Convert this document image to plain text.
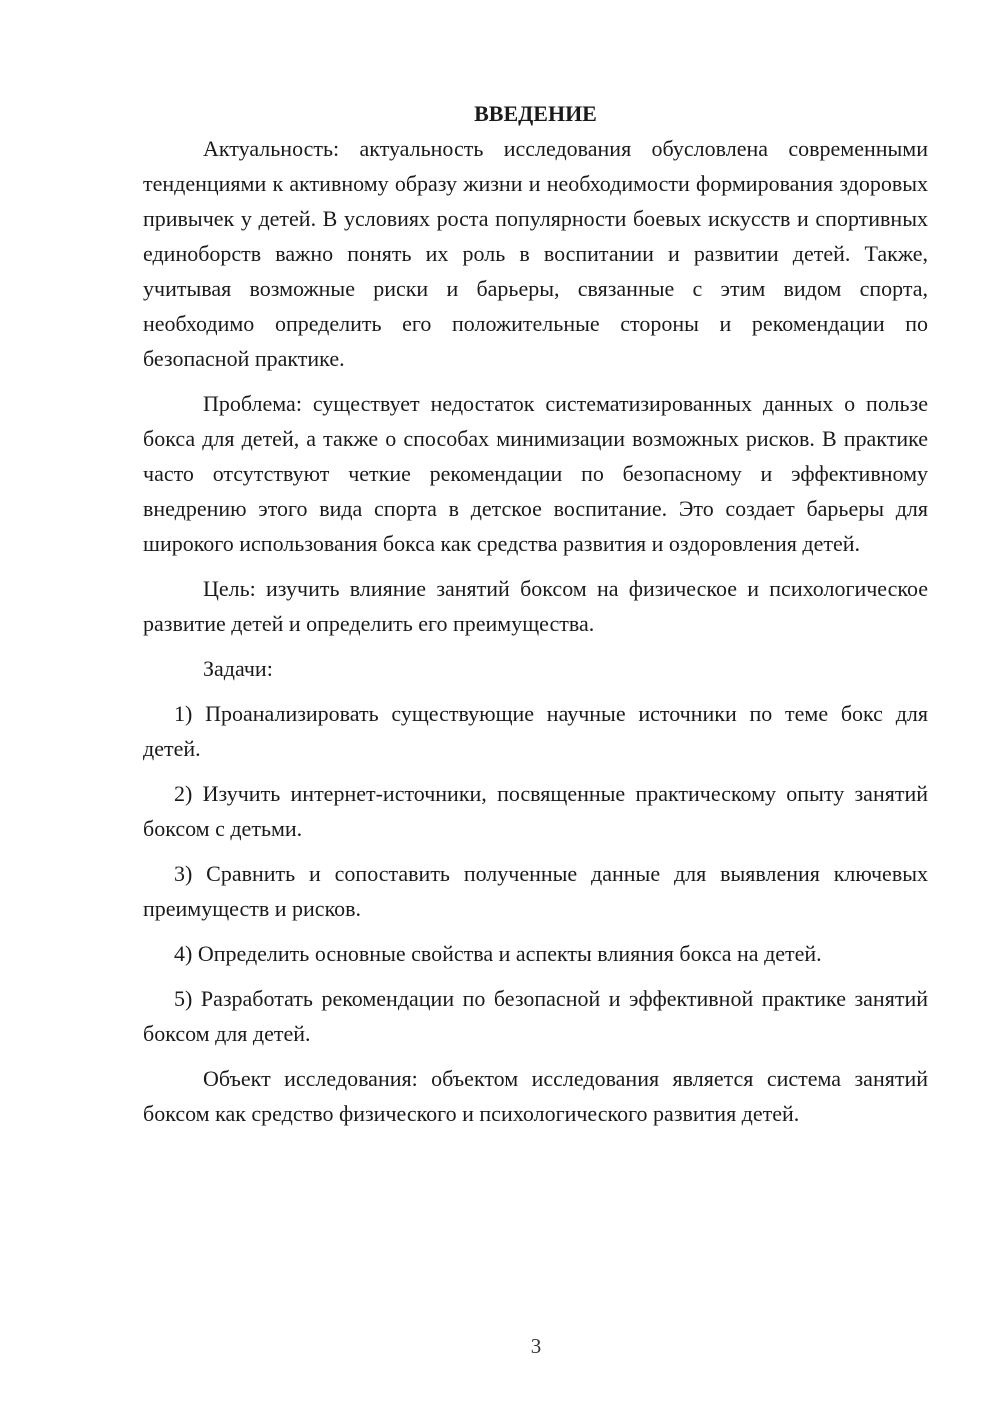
ВВЕДЕНИЕ

Актуальность: актуальность исследования обусловлена современными тенденциями к активному образу жизни и необходимости формирования здоровых привычек у детей. В условиях роста популярности боевых искусств и спортивных единоборств важно понять их роль в воспитании и развитии детей. Также, учитывая возможные риски и барьеры, связанные с этим видом спорта, необходимо определить его положительные стороны и рекомендации по безопасной практике.

Проблема: существует недостаток систематизированных данных о пользе бокса для детей, а также о способах минимизации возможных рисков. В практике часто отсутствуют четкие рекомендации по безопасному и эффективному внедрению этого вида спорта в детское воспитание. Это создает барьеры для широкого использования бокса как средства развития и оздоровления детей.

Цель: изучить влияние занятий боксом на физическое и психологическое развитие детей и определить его преимущества.

Задачи:

1) Проанализировать существующие научные источники по теме бокс для детей.

2) Изучить интернет-источники, посвященные практическому опыту занятий боксом с детьми.

3) Сравнить и сопоставить полученные данные для выявления ключевых преимуществ и рисков.

4) Определить основные свойства и аспекты влияния бокса на детей.

5) Разработать рекомендации по безопасной и эффективной практике занятий боксом для детей.

Объект исследования: объектом исследования является система занятий боксом как средство физического и психологического развития детей.

3
